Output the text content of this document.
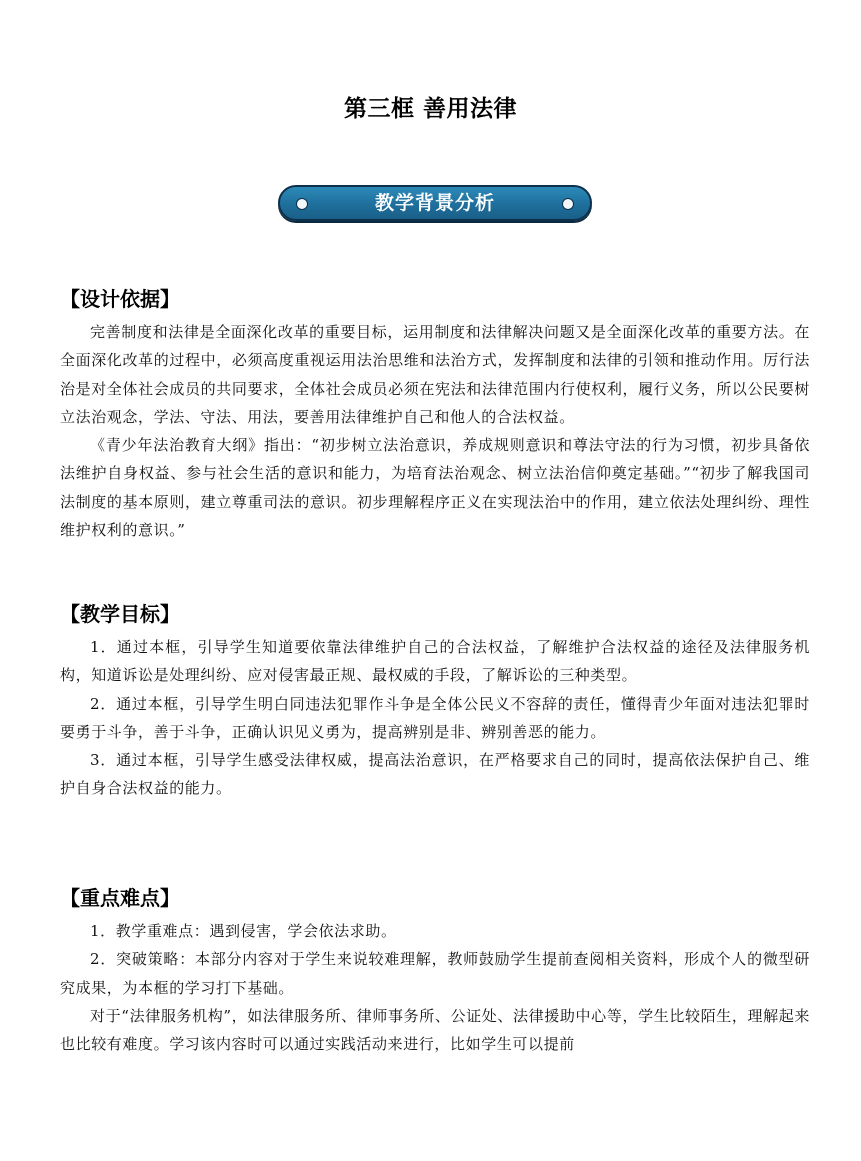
第三框 善用法律
教学背景分析
【设计依据】

完善制度和法律是全面深化改革的重要目标，运用制度和法律解决问题又是全面深化改革的重要方法。在全面深化改革的过程中，必须高度重视运用法治思维和法治方式，发挥制度和法律的引领和推动作用。厉行法治是对全体社会成员的共同要求，全体社会成员必须在宪法和法律范围内行使权利，履行义务，所以公民要树立法治观念，学法、守法、用法，要善用法律维护自己和他人的合法权益。

《青少年法治教育大纲》指出：“初步树立法治意识，养成规则意识和尊法守法的行为习惯，初步具备依法维护自身权益、参与社会生活的意识和能力，为培育法治观念、树立法治信仰奠定基础。”“初步了解我国司法制度的基本原则，建立尊重司法的意识。初步理解程序正义在实现法治中的作用，建立依法处理纠纷、理性维护权利的意识。”

【教学目标】

1．通过本框，引导学生知道要依靠法律维护自己的合法权益，了解维护合法权益的途径及法律服务机构，知道诉讼是处理纠纷、应对侵害最正规、最权威的手段，了解诉讼的三种类型。

2．通过本框，引导学生明白同违法犯罪作斗争是全体公民义不容辞的责任，懂得青少年面对违法犯罪时要勇于斗争，善于斗争，正确认识见义勇为，提高辨别是非、辨别善恶的能力。

3．通过本框，引导学生感受法律权威，提高法治意识，在严格要求自己的同时，提高依法保护自己、维护自身合法权益的能力。

【重点难点】

1．教学重难点：遇到侵害，学会依法求助。

2．突破策略：本部分内容对于学生来说较难理解，教师鼓励学生提前查阅相关资料，形成个人的微型研究成果，为本框的学习打下基础。

对于“法律服务机构”，如法律服务所、律师事务所、公证处、法律援助中心等，学生比较陌生，理解起来也比较有难度。学习该内容时可以通过实践活动来进行，比如学生可以提前
